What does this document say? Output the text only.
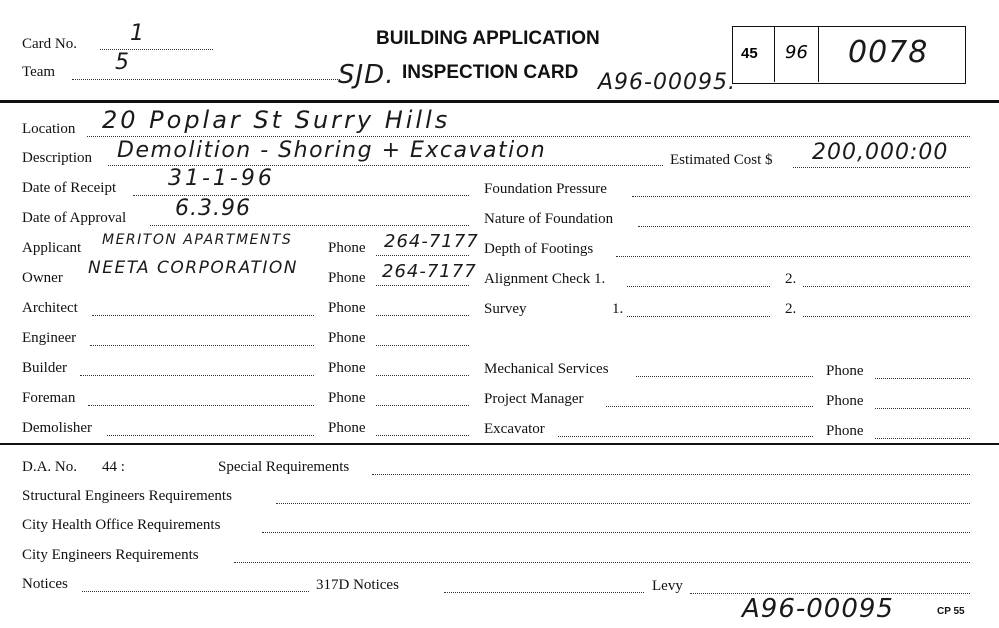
Card No. 1
Team	5	SJD.
BUILDING APPLICATION
INSPECTION CARD A96-00095.
45 96 0078
Location 20 Poplar St Surry Hills
Description Demolition - Shoring + Excavation	Estimated Cost $ 200,000:00
Date of Receipt 31-1-96	Foundation Pressure
Date of Approval 6.3.96	Nature of Foundation
Applicant MERITON APARTMENTS Phone 264-7177 Depth of Footings
Owner NEETA CORPORATION Phone 264-7177 Alignment Check 1.	2.
Architect	Phone	Survey	1.	2.
Engineer	Phone
Builder	Phone	Mechanical Services	Phone
Foreman	Phone	Project Manager	Phone
Demolisher	Phone	Excavator	Phone
D.A. No. 44 :	Special Requirements
Structural Engineers Requirements
City Health Office Requirements
City Engineers Requirements
Notices	317D Notices	Levy
A96-00095	CP 55
